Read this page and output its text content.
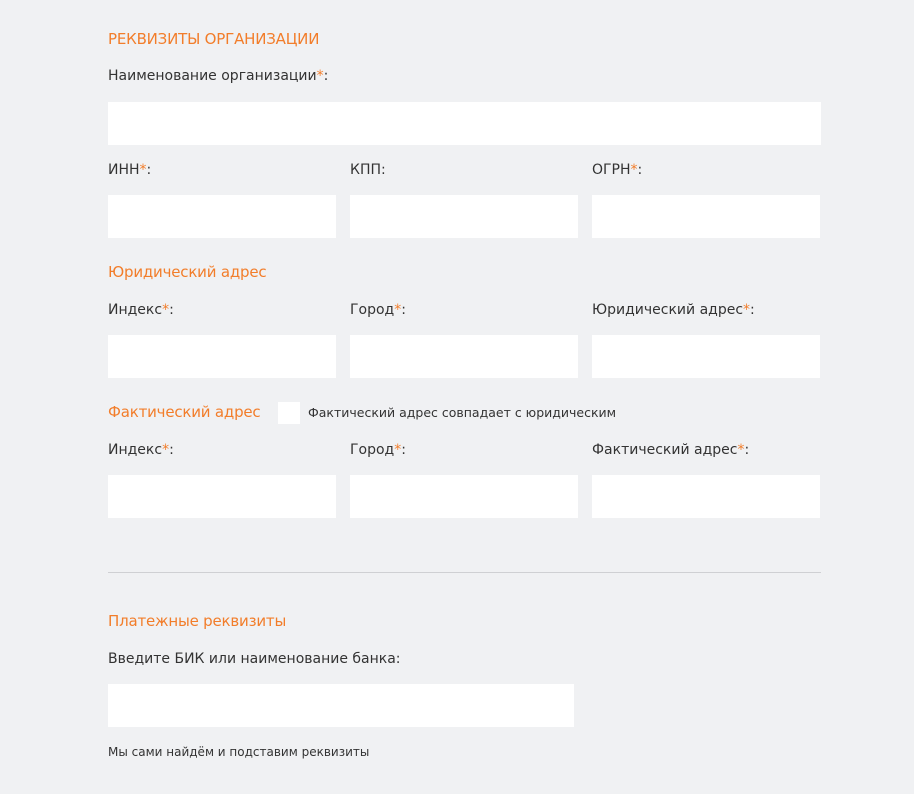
РЕКВИЗИТЫ ОРГАНИЗАЦИИ
Наименование организации*:
ИНН*:	КПП:	ОГРН*:
Юридический адрес
Индекс*:	Город*:	Юридический адрес*:
Фактический адрес	Фактический адрес совпадает с юридическим
Индекс*:	Город*:	Фактический адрес*:
Платежные реквизиты
Введите БИК или наименование банка:
Мы сами найдём и подставим реквизиты
